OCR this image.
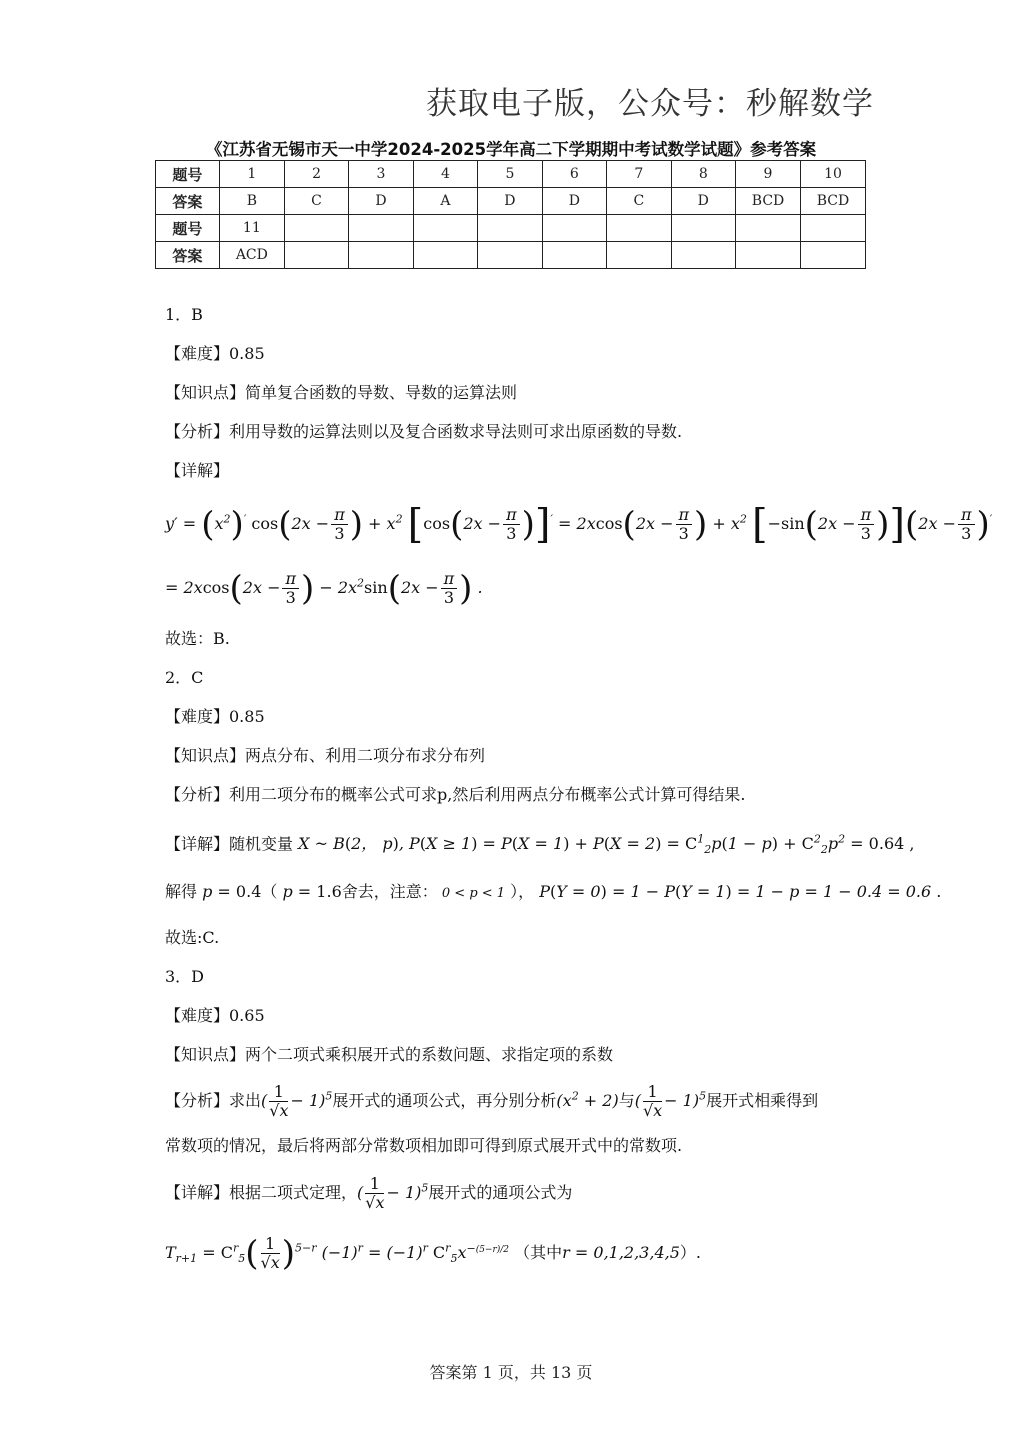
获取电子版，公众号：秒解数学
《江苏省无锡市天一中学2024-2025学年高二下学期期中考试数学试题》参考答案
题号	1	2	3	4	5	6	7	8	9	10
答案	B	C	D	A	D	D	C	D	BCD	BCD
题号	11									
答案	ACD									
1．B
【难度】0.85
【知识点】简单复合函数的导数、导数的运算法则
【分析】利用导数的运算法则以及复合函数求导法则可求出原函数的导数.
【详解】
$y' = (x^2)'$ $\cos(2x - \frac{\pi}{3}$ ) + $x^2$ $[\cos(2x - \frac{\pi}{3} )]' = 2xcos(2x - \frac{\pi}{3}$ ) + $x^2$ $[-\sin(2x - \frac{\pi}{3} )](2x - \frac{\pi}{3} )'$
= $2xcos(2x - \frac{\pi}{3}$ ) − $2x^2\sin(2x - \frac{\pi}{3}$ ) .
故选：B.
2．C
【难度】0.85
【知识点】两点分布、利用二项分布求分布列
【分析】利用二项分布的概率公式可求p,然后利用两点分布概率公式计算可得结果.
【详解】随机变量 X ~ B(2， p), $P(X \ge 1) = P(X = 1) + P(X = 2) = C^1_2p(1 - p) + C^2_2p^2 = 0.64$ ,
解得 p = 0.4（ p = 1.6舍去，注意： 0 < p < 1 ）， P(Y = 0) = 1 − P(Y = 1) = 1 − p = 1 − 0.4 = 0.6 .
故选:C.
3．D
【难度】0.65
【知识点】两个二项式乘积展开式的系数问题、求指定项的系数
【分析】求出( $\frac{1}{√x} - 1)^5$展开式的通项公式，再分别分析$(x^2 + 2)$与( $\frac{1}{√x} - 1)^5$展开式相乘得到
常数项的情况，最后将两部分常数项相加即可得到原式展开式中的常数项.
【详解】根据二项式定理，( $\frac{1}{√x} - 1)^5$展开式的通项公式为
$T_{r+1} = C^r_5( \frac{1}{√x} )^{5-r}$ $(-1)^r = (-1)^r$ $C^r_5x^{-(5-r)/2}$ （其中r = 0,1,2,3,4,5）.
答案第 1 页，共 13 页
